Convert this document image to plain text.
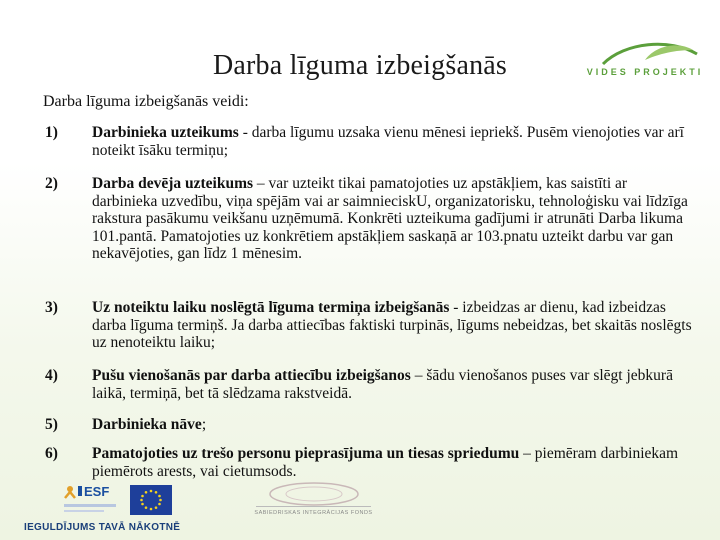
Darba līguma izbeigšanās	VIDES PROJEKTI
Darba līguma izbeigšanās veidi:
1)	Darbinieka uzteikums - darba līgumu uzsaka vienu mēnesi iepriekš. Pusēm vienojoties var arī noteikt īsāku termiņu;
2)	Darba devēja uzteikums – var uzteikt tikai pamatojoties uz apstākļiem, kas saistīti ar darbinieka uzvedību, viņa spējām vai ar saimnieciskU, organizatorisku, tehnoloģisku vai līdzīga rakstura pasākumu veikšanu uzņēmumā. Konkrēti uzteikuma gadījumi ir atrunāti Darba likuma 101.pantā. Pamatojoties uz konkrētiem apstākļiem saskaņā ar 103.pnatu uzteikt darbu var gan nekavējoties, gan līdz 1 mēnesim.
3)	Uz noteiktu laiku noslēgtā līguma termiņa izbeigšanās - izbeidzas ar dienu, kad izbeidzas darba līguma termiņš. Ja darba attiecības faktiski turpinās, līgums nebeidzas, bet skaitās noslēgts uz nenoteiktu laiku;
4)	Pušu vienošanās par darba attiecību izbeigšanos – šādu vienošanos puses var slēgt jebkurā laikā, termiņā, bet tā slēdzama rakstveidā.
5)	Darbinieka nāve;
6)	Pamatojoties uz trešo personu pieprasījuma un tiesas spriedumu – piemēram darbiniekam piemērots arests, vai cietumsods.
ESF
IEGULDĪJUMS TAVĀ NĀKOTNĒ
SABIEDRISKAS INTEGRĀCIJAS FONDS
